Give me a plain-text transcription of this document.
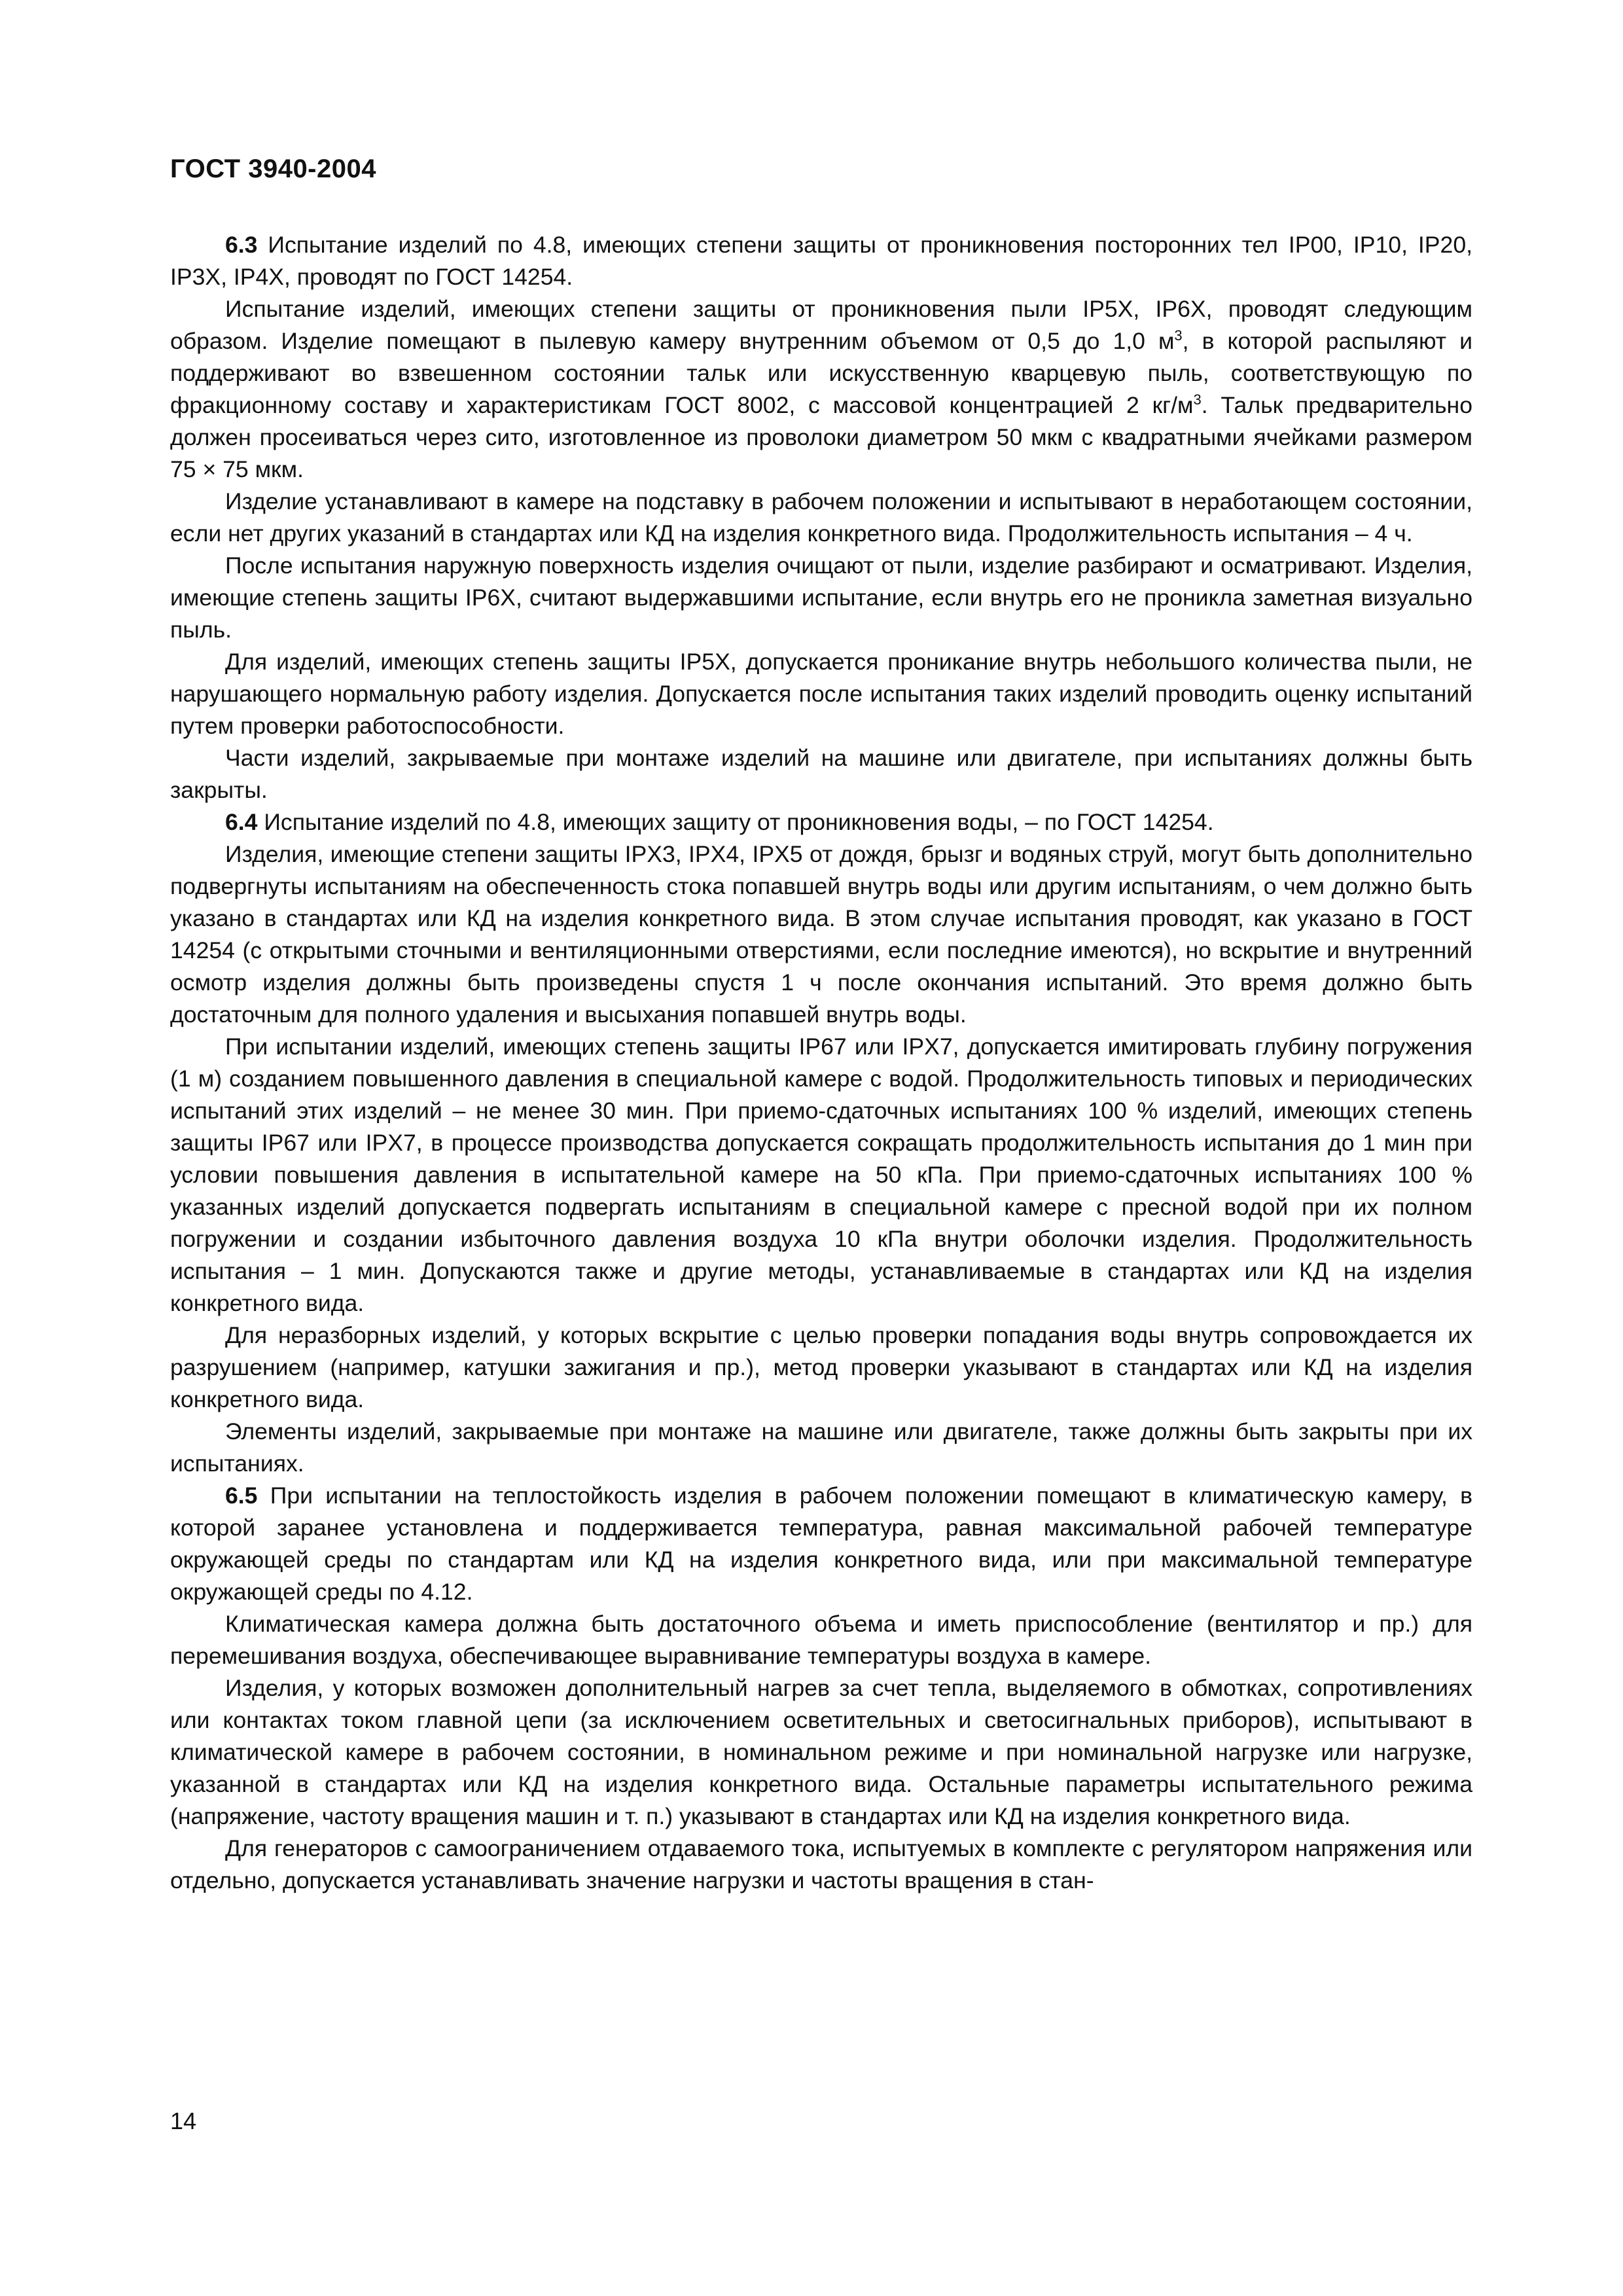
ГОСТ 3940-2004

6.3 Испытание изделий по 4.8, имеющих степени защиты от проникновения посторонних тел IP00, IP10, IP20, IP3X, IP4X, проводят по ГОСТ 14254.

Испытание изделий, имеющих степени защиты от проникновения пыли IP5X, IP6X, проводят следующим образом. Изделие помещают в пылевую камеру внутренним объемом от 0,5 до 1,0 $м^3$, в которой распыляют и поддерживают во взвешенном состоянии тальк или искусственную кварцевую пыль, соответствующую по фракционному составу и характеристикам ГОСТ 8002, с массовой концентрацией 2 $кг/м^3$. Тальк предварительно должен просеиваться через сито, изготовленное из проволоки диаметром 50 мкм с квадратными ячейками размером 75 × 75 мкм.

Изделие устанавливают в камере на подставку в рабочем положении и испытывают в неработающем состоянии, если нет других указаний в стандартах или КД на изделия конкретного вида. Продолжительность испытания – 4 ч.

После испытания наружную поверхность изделия очищают от пыли, изделие разбирают и осматривают. Изделия, имеющие степень защиты IP6X, считают выдержавшими испытание, если внутрь его не проникла заметная визуально пыль.

Для изделий, имеющих степень защиты IP5X, допускается проникание внутрь небольшого количества пыли, не нарушающего нормальную работу изделия. Допускается после испытания таких изделий проводить оценку испытаний путем проверки работоспособности.

Части изделий, закрываемые при монтаже изделий на машине или двигателе, при испытаниях должны быть закрыты.

6.4 Испытание изделий по 4.8, имеющих защиту от проникновения воды, – по ГОСТ 14254.

Изделия, имеющие степени защиты IPX3, IPX4, IPX5 от дождя, брызг и водяных струй, могут быть дополнительно подвергнуты испытаниям на обеспеченность стока попавшей внутрь воды или другим испытаниям, о чем должно быть указано в стандартах или КД на изделия конкретного вида. В этом случае испытания проводят, как указано в ГОСТ 14254 (с открытыми сточными и вентиляционными отверстиями, если последние имеются), но вскрытие и внутренний осмотр изделия должны быть произведены спустя 1 ч после окончания испытаний. Это время должно быть достаточным для полного удаления и высыхания попавшей внутрь воды.

При испытании изделий, имеющих степень защиты IP67 или IPX7, допускается имитировать глубину погружения (1 м) созданием повышенного давления в специальной камере с водой. Продолжительность типовых и периодических испытаний этих изделий – не менее 30 мин. При приемо-сдаточных испытаниях 100 % изделий, имеющих степень защиты IP67 или IPX7, в процессе производства допускается сокращать продолжительность испытания до 1 мин при условии повышения давления в испытательной камере на 50 кПа. При приемо-сдаточных испытаниях 100 % указанных изделий допускается подвергать испытаниям в специальной камере с пресной водой при их полном погружении и создании избыточного давления воздуха 10 кПа внутри оболочки изделия. Продолжительность испытания – 1 мин. Допускаются также и другие методы, устанавливаемые в стандартах или КД на изделия конкретного вида.

Для неразборных изделий, у которых вскрытие с целью проверки попадания воды внутрь сопровождается их разрушением (например, катушки зажигания и пр.), метод проверки указывают в стандартах или КД на изделия конкретного вида.

Элементы изделий, закрываемые при монтаже на машине или двигателе, также должны быть закрыты при их испытаниях.

6.5 При испытании на теплостойкость изделия в рабочем положении помещают в климатическую камеру, в которой заранее установлена и поддерживается температура, равная максимальной рабочей температуре окружающей среды по стандартам или КД на изделия конкретного вида, или при максимальной температуре окружающей среды по 4.12.

Климатическая камера должна быть достаточного объема и иметь приспособление (вентилятор и пр.) для перемешивания воздуха, обеспечивающее выравнивание температуры воздуха в камере.

Изделия, у которых возможен дополнительный нагрев за счет тепла, выделяемого в обмотках, сопротивлениях или контактах током главной цепи (за исключением осветительных и светосигнальных приборов), испытывают в климатической камере в рабочем состоянии, в номинальном режиме и при номинальной нагрузке или нагрузке, указанной в стандартах или КД на изделия конкретного вида. Остальные параметры испытательного режима (напряжение, частоту вращения машин и т. п.) указывают в стандартах или КД на изделия конкретного вида.

Для генераторов с самоограничением отдаваемого тока, испытуемых в комплекте с регулятором напряжения или отдельно, допускается устанавливать значение нагрузки и частоты вращения в стан-

14
